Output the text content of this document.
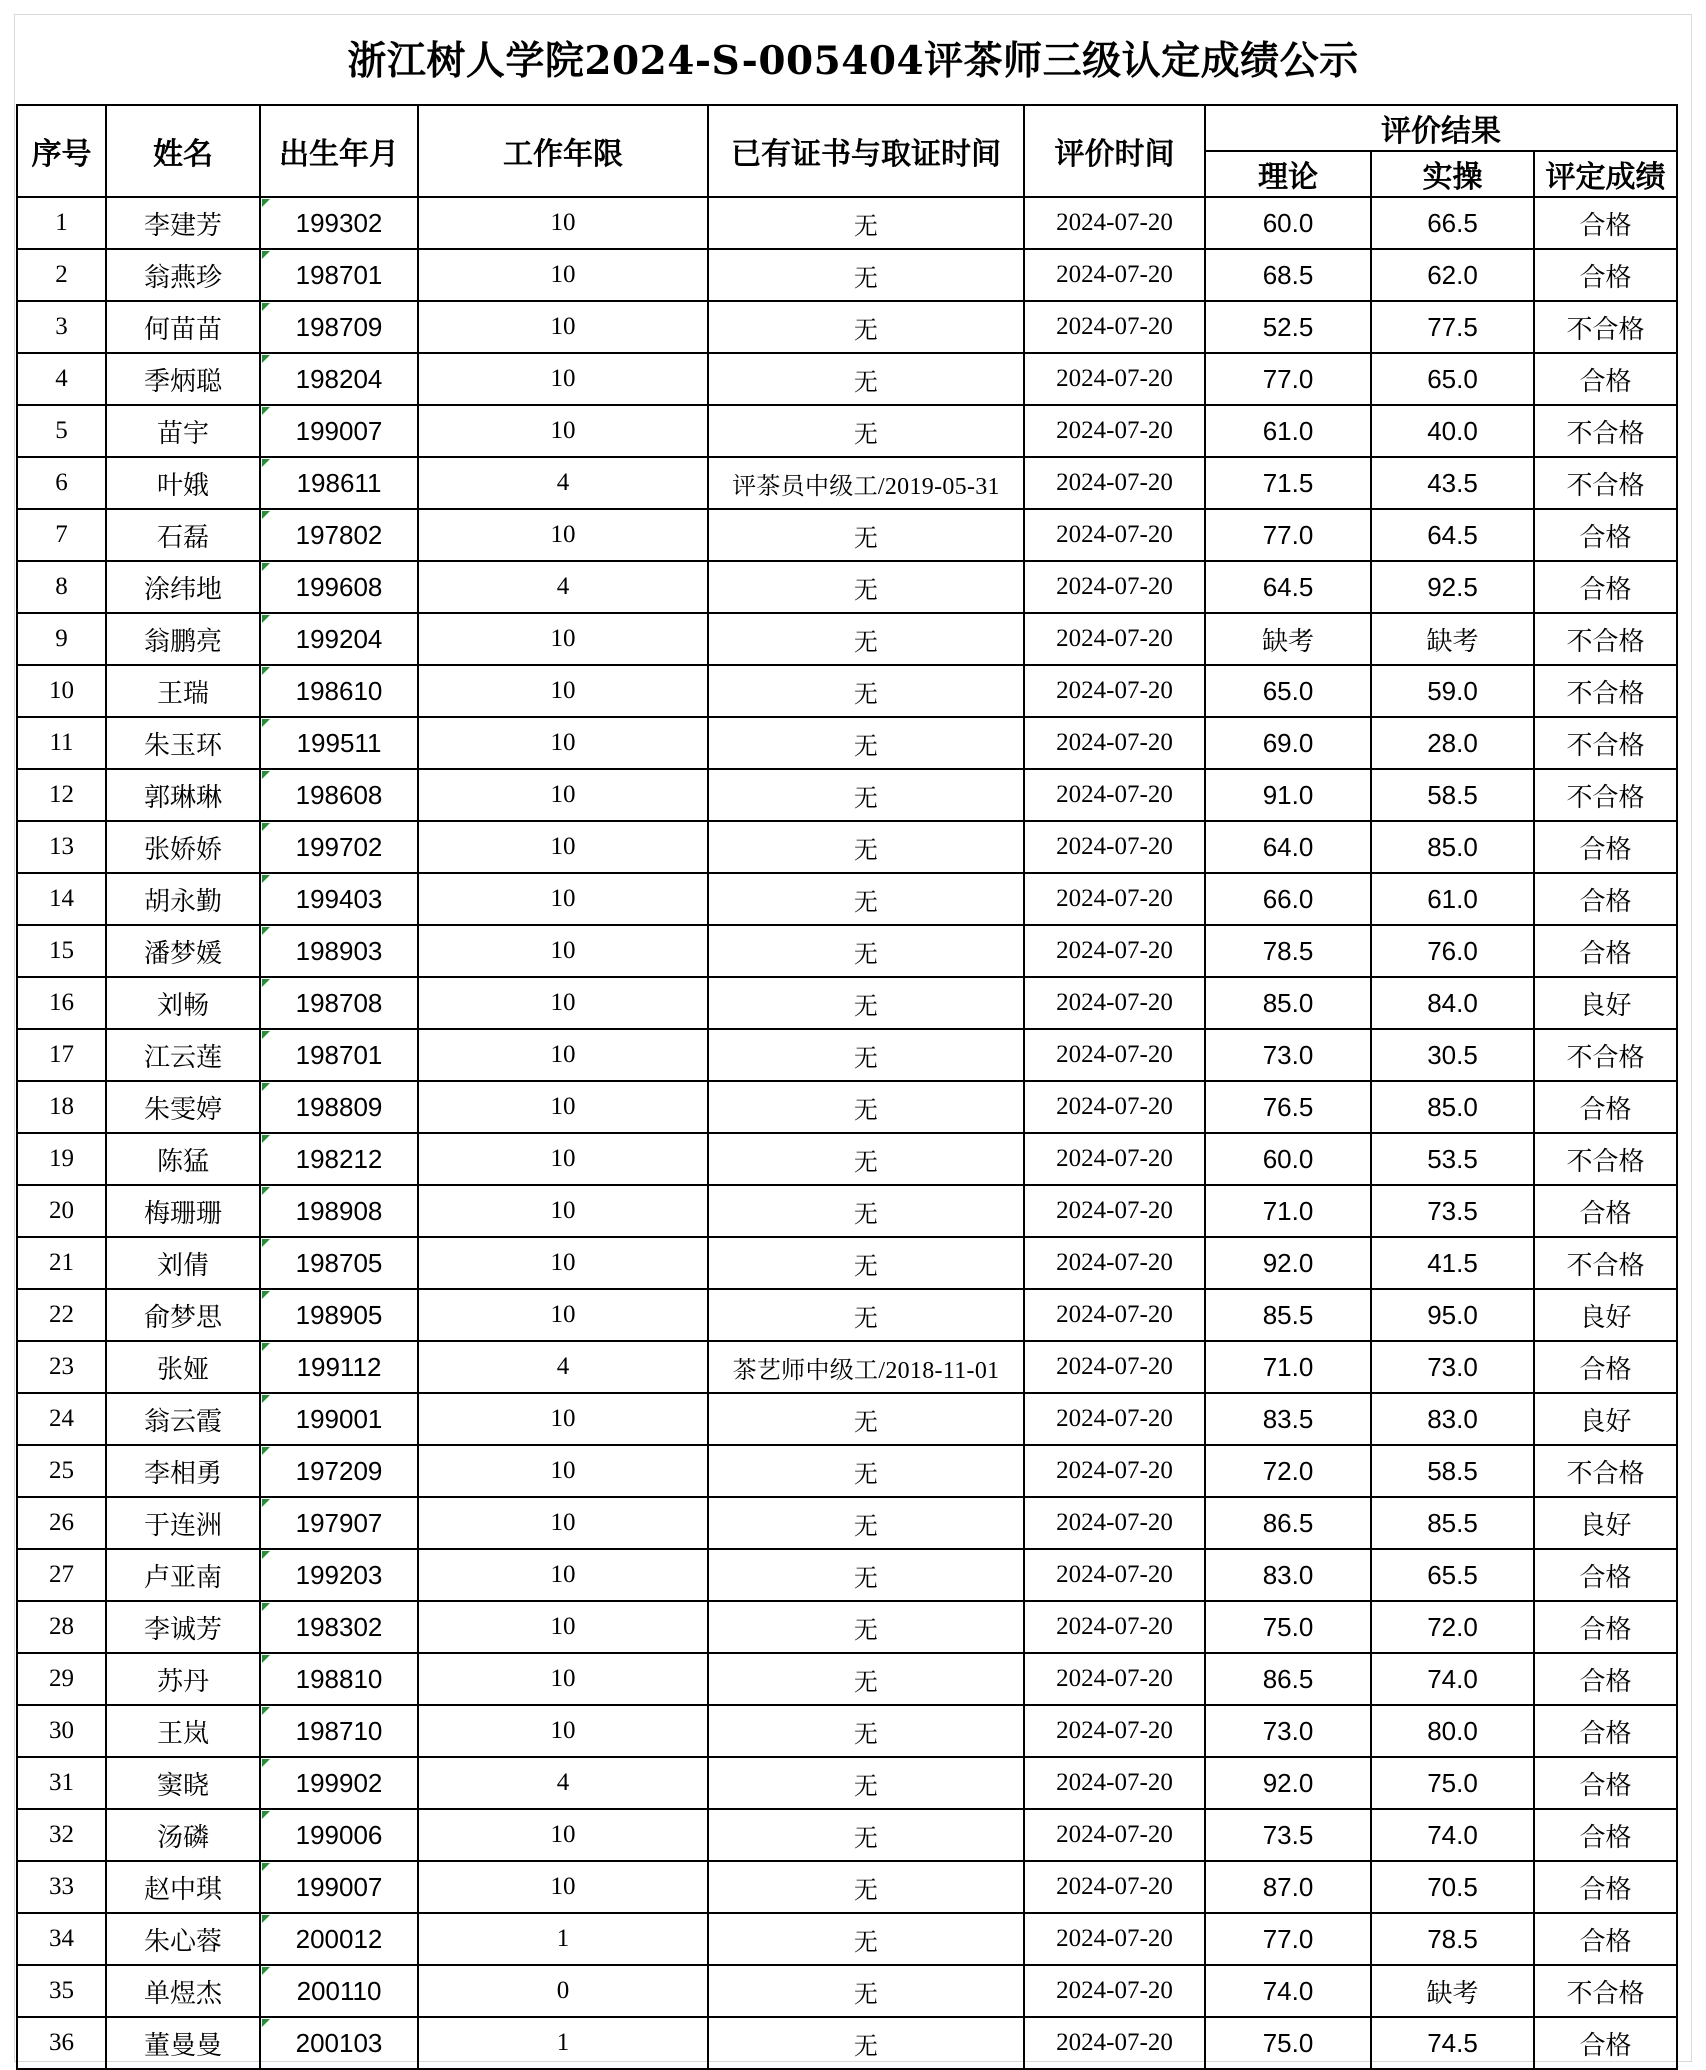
浙江树人学院2024-S-005404评茶师三级认定成绩公示
序号	姓名	出生年月	工作年限	已有证书与取证时间	评价时间	评价结果		
						理论	实操	评定成绩
1	李建芳	199302	10	无	2024-07-20	60.0	66.5	合格
2	翁燕珍	198701	10	无	2024-07-20	68.5	62.0	合格
3	何苗苗	198709	10	无	2024-07-20	52.5	77.5	不合格
4	季炳聪	198204	10	无	2024-07-20	77.0	65.0	合格
5	苗宇	199007	10	无	2024-07-20	61.0	40.0	不合格
6	叶娥	198611	4	评茶员中级工/2019-05-31	2024-07-20	71.5	43.5	不合格
7	石磊	197802	10	无	2024-07-20	77.0	64.5	合格
8	涂纬地	199608	4	无	2024-07-20	64.5	92.5	合格
9	翁鹏亮	199204	10	无	2024-07-20	缺考	缺考	不合格
10	王瑞	198610	10	无	2024-07-20	65.0	59.0	不合格
11	朱玉环	199511	10	无	2024-07-20	69.0	28.0	不合格
12	郭琳琳	198608	10	无	2024-07-20	91.0	58.5	不合格
13	张娇娇	199702	10	无	2024-07-20	64.0	85.0	合格
14	胡永勤	199403	10	无	2024-07-20	66.0	61.0	合格
15	潘梦媛	198903	10	无	2024-07-20	78.5	76.0	合格
16	刘畅	198708	10	无	2024-07-20	85.0	84.0	良好
17	江云莲	198701	10	无	2024-07-20	73.0	30.5	不合格
18	朱雯婷	198809	10	无	2024-07-20	76.5	85.0	合格
19	陈猛	198212	10	无	2024-07-20	60.0	53.5	不合格
20	梅珊珊	198908	10	无	2024-07-20	71.0	73.5	合格
21	刘倩	198705	10	无	2024-07-20	92.0	41.5	不合格
22	俞梦思	198905	10	无	2024-07-20	85.5	95.0	良好
23	张娅	199112	4	茶艺师中级工/2018-11-01	2024-07-20	71.0	73.0	合格
24	翁云霞	199001	10	无	2024-07-20	83.5	83.0	良好
25	李相勇	197209	10	无	2024-07-20	72.0	58.5	不合格
26	于连洲	197907	10	无	2024-07-20	86.5	85.5	良好
27	卢亚南	199203	10	无	2024-07-20	83.0	65.5	合格
28	李诚芳	198302	10	无	2024-07-20	75.0	72.0	合格
29	苏丹	198810	10	无	2024-07-20	86.5	74.0	合格
30	王岚	198710	10	无	2024-07-20	73.0	80.0	合格
31	窦晓	199902	4	无	2024-07-20	92.0	75.0	合格
32	汤磷	199006	10	无	2024-07-20	73.5	74.0	合格
33	赵中琪	199007	10	无	2024-07-20	87.0	70.5	合格
34	朱心蓉	200012	1	无	2024-07-20	77.0	78.5	合格
35	单煜杰	200110	0	无	2024-07-20	74.0	缺考	不合格
36	董曼曼	200103	1	无	2024-07-20	75.0	74.5	合格
